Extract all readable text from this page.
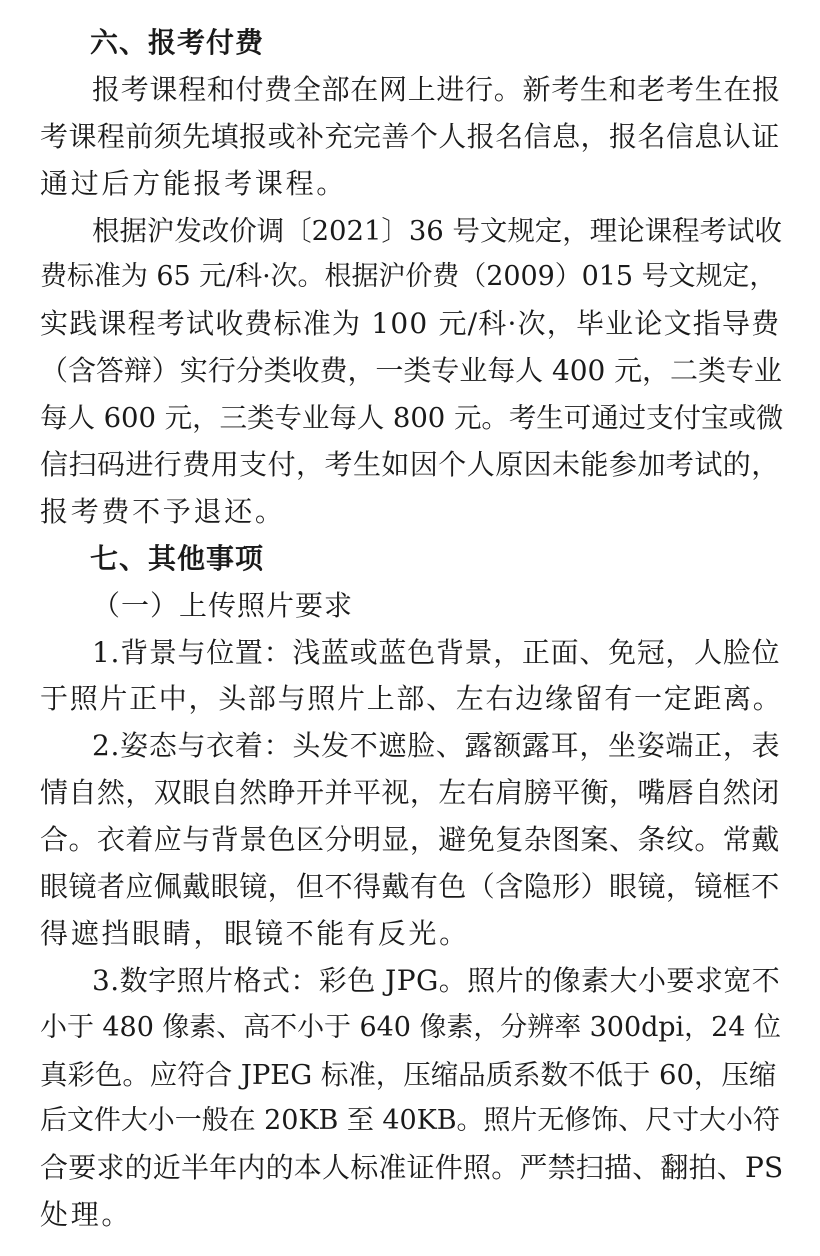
六、报考付费
报考课程和付费全部在网上进行。新考生和老考生在报
考课程前须先填报或补充完善个人报名信息，报名信息认证
通过后方能报考课程。
根据沪发改价调〔2021〕36 号文规定，理论课程考试收
费标准为 65 元/科·次。根据沪价费（2009）015 号文规定，
实践课程考试收费标准为 100 元/科·次，毕业论文指导费
（含答辩）实行分类收费，一类专业每人 400 元，二类专业
每人 600 元，三类专业每人 800 元。考生可通过支付宝或微
信扫码进行费用支付，考生如因个人原因未能参加考试的，
报考费不予退还。
七、其他事项
（一）上传照片要求
1.背景与位置：浅蓝或蓝色背景，正面、免冠，人脸位
于照片正中，头部与照片上部、左右边缘留有一定距离。
2.姿态与衣着：头发不遮脸、露额露耳，坐姿端正，表
情自然，双眼自然睁开并平视，左右肩膀平衡，嘴唇自然闭
合。衣着应与背景色区分明显，避免复杂图案、条纹。常戴
眼镜者应佩戴眼镜，但不得戴有色（含隐形）眼镜，镜框不
得遮挡眼睛，眼镜不能有反光。
3.数字照片格式：彩色 JPG。照片的像素大小要求宽不
小于 480 像素、高不小于 640 像素，分辨率 300dpi，24 位
真彩色。应符合 JPEG 标准，压缩品质系数不低于 60，压缩
后文件大小一般在 20KB 至 40KB。照片无修饰、尺寸大小符
合要求的近半年内的本人标准证件照。严禁扫描、翻拍、PS
处理。
